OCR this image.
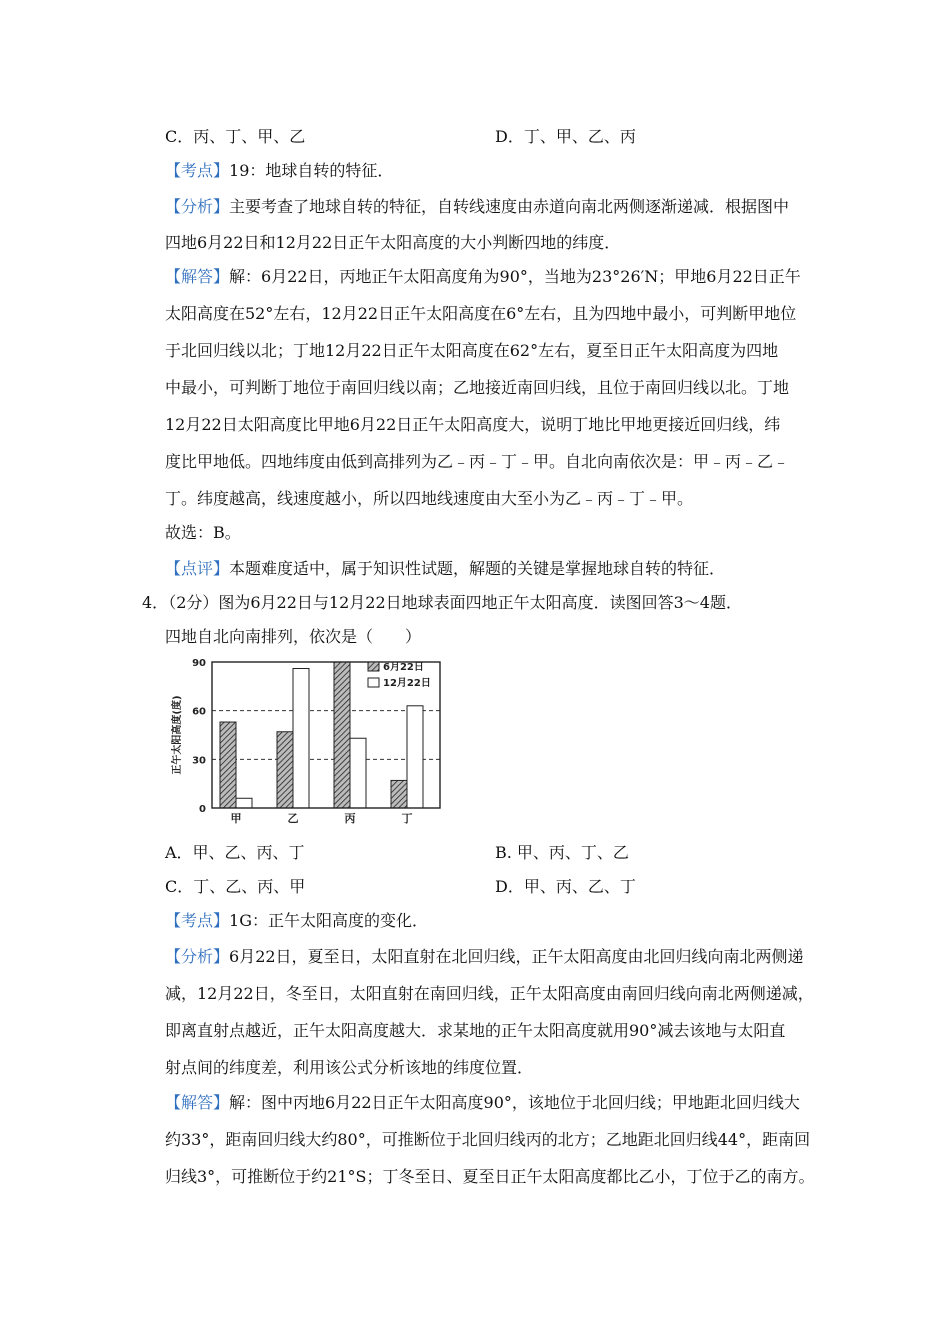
C．丙、丁、甲、乙	D．丁、甲、乙、丙
【考点】19：地球自转的特征．
【分析】主要考查了地球自转的特征，自转线速度由赤道向南北两侧逐渐递减．根据图中
四地6月22日和12月22日正午太阳高度的大小判断四地的纬度．
【解答】解：6月22日，丙地正午太阳高度角为90°，当地为23°26′N；甲地6月22日正午
太阳高度在52°左右，12月22日正午太阳高度在6°左右，且为四地中最小，可判断甲地位
于北回归线以北；丁地12月22日正午太阳高度在62°左右，夏至日正午太阳高度为四地
中最小，可判断丁地位于南回归线以南；乙地接近南回归线，且位于南回归线以北。丁地
12月22日太阳高度比甲地6月22日正午太阳高度大，说明丁地比甲地更接近回归线，纬
度比甲地低。四地纬度由低到高排列为乙﹣丙﹣丁﹣甲。自北向南依次是：甲﹣丙﹣乙﹣
丁。纬度越高，线速度越小，所以四地线速度由大至小为乙﹣丙﹣丁﹣甲。
故选：B。
【点评】本题难度适中，属于知识性试题，解题的关键是掌握地球自转的特征．
4．（2分）图为6月22日与12月22日地球表面四地正午太阳高度．读图回答3～4题．
四地自北向南排列，依次是（　　）
0
30
60
90
甲	乙	丙	丁
正午太阳高度(度)
6月22日
12月22日
A．甲、乙、丙、丁	B. 甲、丙、丁、乙
C．丁、乙、丙、甲	D．甲、丙、乙、丁
【考点】1G：正午太阳高度的变化．
【分析】6月22日，夏至日，太阳直射在北回归线，正午太阳高度由北回归线向南北两侧递
减，12月22日，冬至日，太阳直射在南回归线，正午太阳高度由南回归线向南北两侧递减，
即离直射点越近，正午太阳高度越大．求某地的正午太阳高度就用90°减去该地与太阳直
射点间的纬度差，利用该公式分析该地的纬度位置．
【解答】解：图中丙地6月22日正午太阳高度90°，该地位于北回归线；甲地距北回归线大
约33°，距南回归线大约80°，可推断位于北回归线丙的北方；乙地距北回归线44°，距南回
归线3°，可推断位于约21°S；丁冬至日、夏至日正午太阳高度都比乙小，丁位于乙的南方。
